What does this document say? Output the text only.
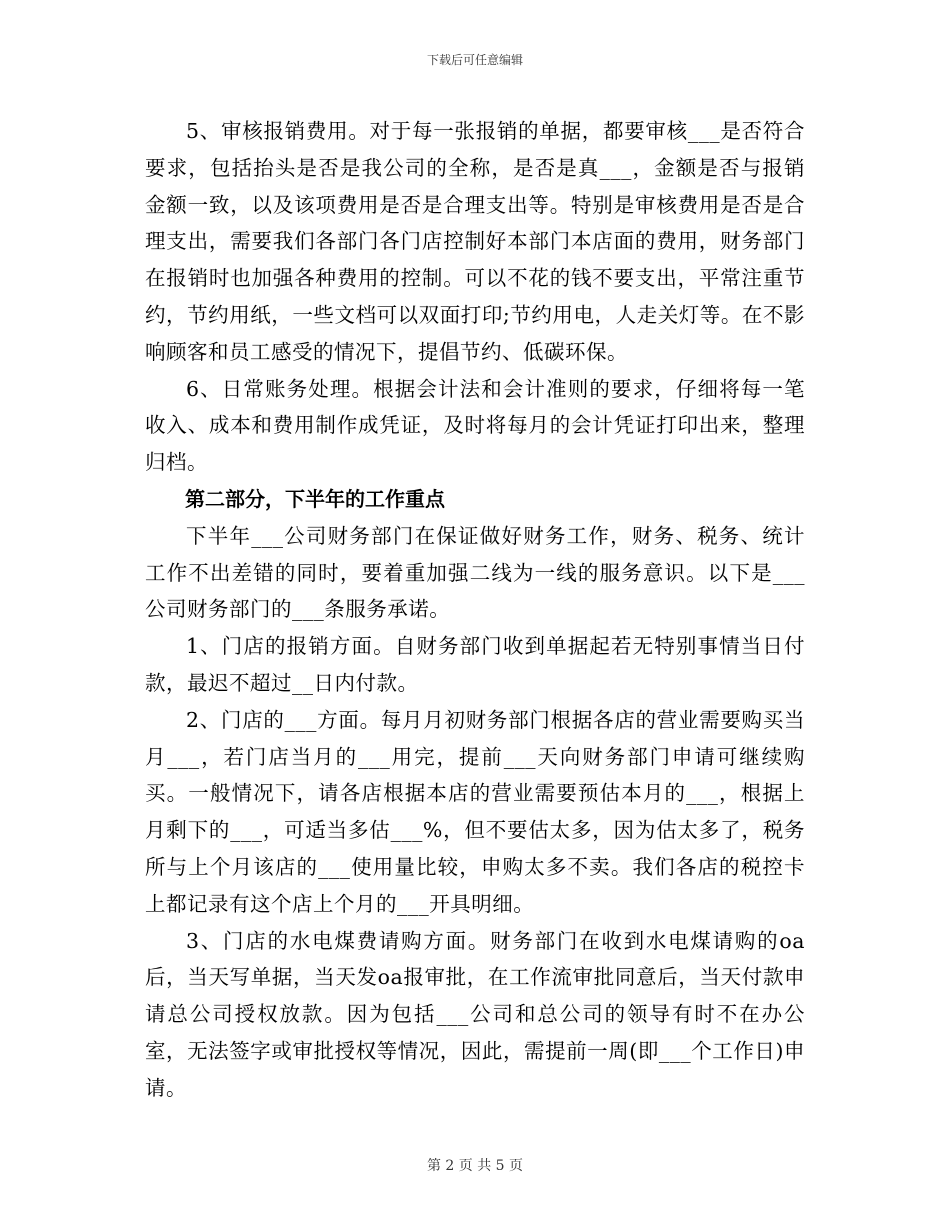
下载后可任意编辑

5、审核报销费用。对于每一张报销的单据，都要审核___是否符合要求，包括抬头是否是我公司的全称，是否是真___，金额是否与报销金额一致，以及该项费用是否是合理支出等。特别是审核费用是否是合理支出，需要我们各部门各门店控制好本部门本店面的费用，财务部门在报销时也加强各种费用的控制。可以不花的钱不要支出，平常注重节约，节约用纸，一些文档可以双面打印;节约用电，人走关灯等。在不影响顾客和员工感受的情况下，提倡节约、低碳环保。

6、日常账务处理。根据会计法和会计准则的要求，仔细将每一笔收入、成本和费用制作成凭证，及时将每月的会计凭证打印出来，整理归档。

第二部分，下半年的工作重点

下半年___公司财务部门在保证做好财务工作，财务、税务、统计工作不出差错的同时，要着重加强二线为一线的服务意识。以下是___公司财务部门的___条服务承诺。

1、门店的报销方面。自财务部门收到单据起若无特别事情当日付款，最迟不超过__日内付款。

2、门店的___方面。每月月初财务部门根据各店的营业需要购买当月___，若门店当月的___用完，提前___天向财务部门申请可继续购买。一般情况下，请各店根据本店的营业需要预估本月的___，根据上月剩下的___，可适当多估___%，但不要估太多，因为估太多了，税务所与上个月该店的___使用量比较，申购太多不卖。我们各店的税控卡上都记录有这个店上个月的___开具明细。

3、门店的水电煤费请购方面。财务部门在收到水电煤请购的oa后，当天写单据，当天发oa报审批，在工作流审批同意后，当天付款申请总公司授权放款。因为包括___公司和总公司的领导有时不在办公室，无法签字或审批授权等情况，因此，需提前一周(即___个工作日)申请。

第 2 页 共 5 页
